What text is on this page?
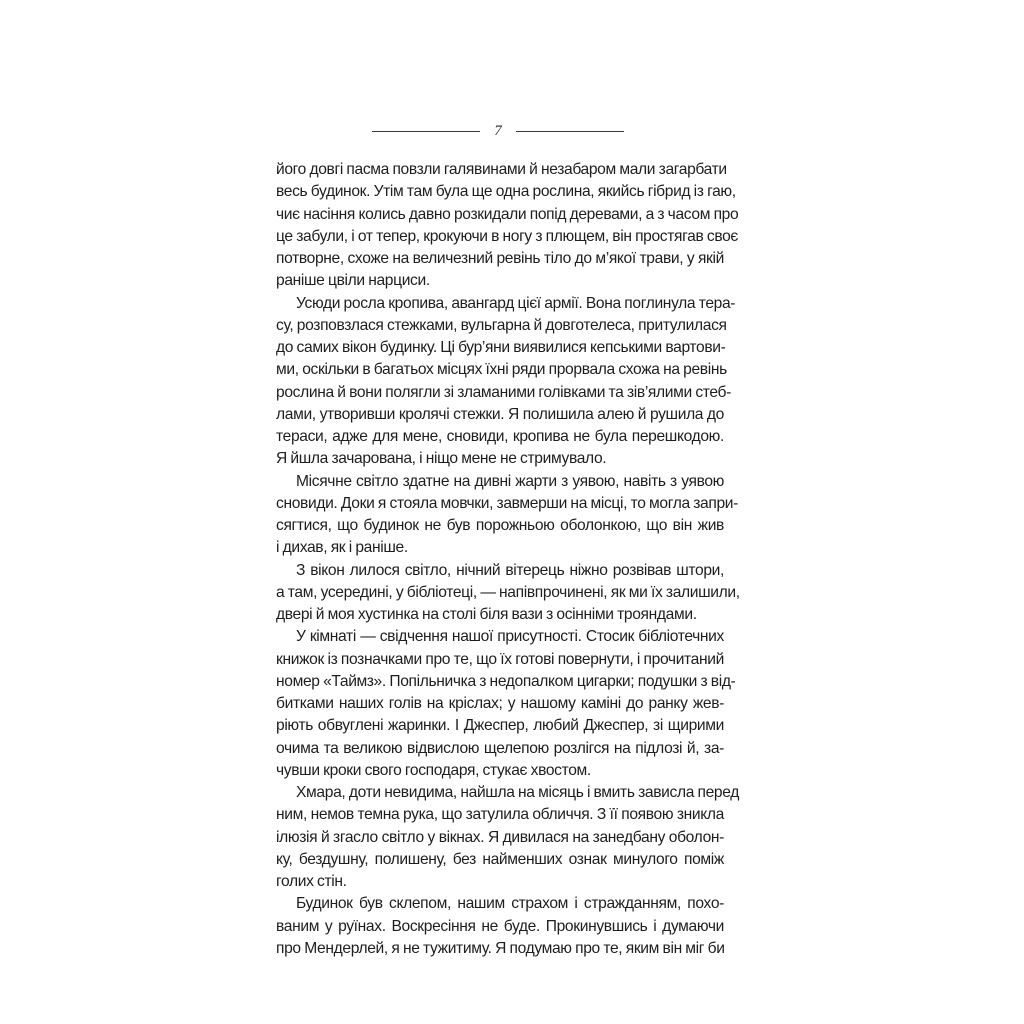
7
його довгі пасма повзли галявинами й незабаром мали загарбати
весь будинок. Утім там була ще одна рослина, якийсь гібрид із гаю,
чиє насіння колись давно розкидали попід деревами, а з часом про
це забули, і от тепер, крокуючи в ногу з плющем, він простягав своє
потворне, схоже на величезний ревінь тіло до м’якої трави, у якій
раніше цвіли нарциси.
Усюди росла кропива, авангард цієї армії. Вона поглинула тера-
су, розповзлася стежками, вульгарна й довготелеса, притулилася
до самих вікон будинку. Ці бур’яни виявилися кепськими вартови-
ми, оскільки в багатьох місцях їхні ряди прорвала схожа на ревінь
рослина й вони полягли зі зламаними голівками та зів’ялими стеб-
лами, утворивши кролячі стежки. Я полишила алею й рушила до
тераси, адже для мене, сновиди, кропива не була перешкодою.
Я йшла зачарована, і ніщо мене не стримувало.
Місячне світло здатне на дивні жарти з уявою, навіть з уявою
сновиди. Доки я стояла мовчки, завмерши на місці, то могла запри-
сягтися, що будинок не був порожньою оболонкою, що він жив
і дихав, як і раніше.
З вікон лилося світло, нічний вітерець ніжно розвівав штори,
а там, усередині, у бібліотеці, — напівпрочинені, як ми їх залишили,
двері й моя хустинка на столі біля вази з осінніми трояндами.
У кімнаті — свідчення нашої присутності. Стосик бібліотечних
книжок із позначками про те, що їх готові повернути, і прочитаний
номер «Таймз». Попільничка з недопалком цигарки; подушки з від-
битками наших голів на кріслах; у нашому каміні до ранку жев-
ріють обвуглені жаринки. І Джеспер, любий Джеспер, зі щирими
очима та великою відвислою щелепою розлігся на підлозі й, за-
чувши кроки свого господаря, стукає хвостом.
Хмара, доти невидима, найшла на місяць і вмить зависла перед
ним, немов темна рука, що затулила обличчя. З її появою зникла
ілюзія й згасло світло у вікнах. Я дивилася на занедбану оболон-
ку, бездушну, полишену, без найменших ознак минулого поміж
голих стін.
Будинок був склепом, нашим страхом і стражданням, похо-
ваним у руїнах. Воскресіння не буде. Прокинувшись і думаючи
про Мендерлей, я не тужитиму. Я подумаю про те, яким він міг би
